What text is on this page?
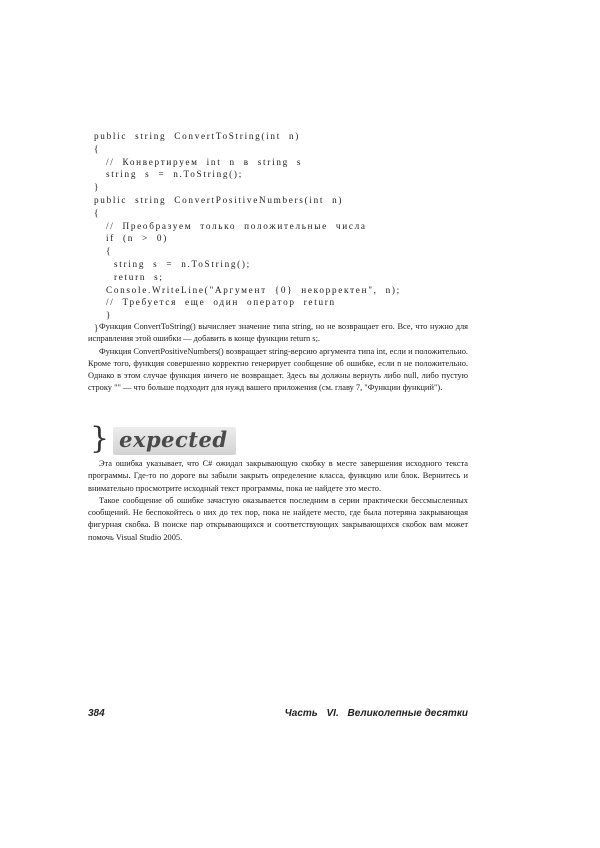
public  string  ConvertToString(int  n)
{
//  Конвертируем  int  n  в  string  s
string  s  =  n.ToString();
}
public  string  ConvertPositiveNumbers(int  n)
{
//  Преобразуем  только  положительные  числа
if  (n  >  0)
{
string  s  =  n.ToString();
return  s;
Console.WriteLine("Аргумент  {0}  некорректен",  n);
//  Требуется  еще  один  оператор  return
}
}

Функция ConvertToString() вычисляет значение типа string, но не возвращает его. Все, что нужно для исправления этой ошибки — добавить в конце функции return s;.

Функция ConvertPositiveNumbers() возвращает string-версию аргумента типа int, если и положительно. Кроме того, функция совершенно корректно генерирует сообщение об ошибке, если n не положительно. Однако в этом случае функция ничего не возвращает. Здесь вы должны вернуть либо null, либо пустую строку "" — что больше подходит для нужд вашего приложения (см. главу 7, "Функции функций").

} expected

Эта ошибка указывает, что C# ожидал закрывающую скобку в месте завершения исходного текста программы. Где-то по дороге вы забыли закрыть определение класса, функцию или блок. Вернитесь и внимательно просмотрите исходный текст программы, пока не найдете это место.

Такое сообщение об ошибке зачастую оказывается последним в серии практически бессмысленных сообщений. Не беспокойтесь о них до тех пор, пока не найдете место, где была потеряна закрывающая фигурная скобка. В поиске пар открывающихся и соответствующих закрывающихся скобок вам может помочь Visual Studio 2005.

384	Часть VI. Великолепные десятки
